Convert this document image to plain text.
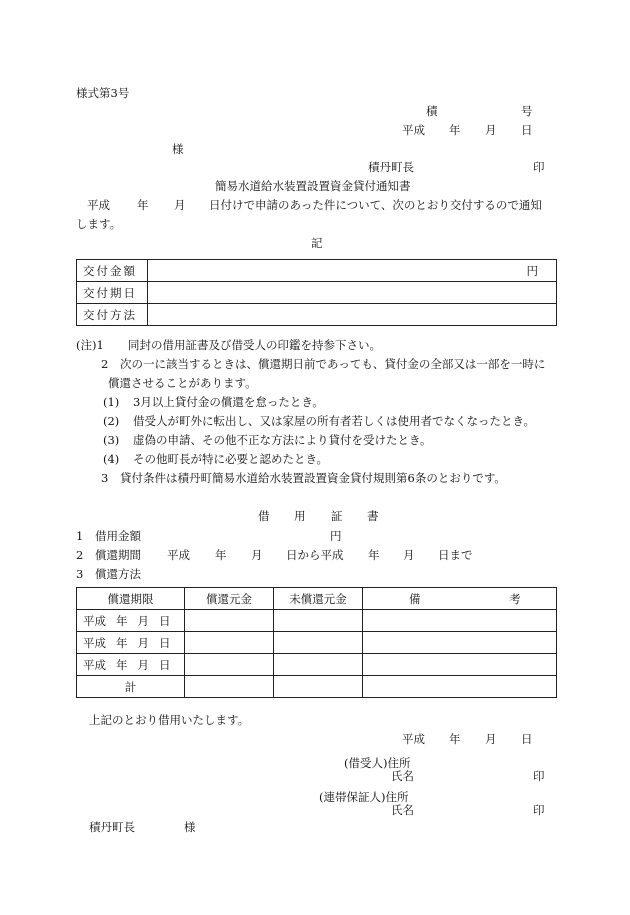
様式第3号
積	号
平成 年 月 日
様
積丹町長	印
簡易水道給水装置設置資金貸付通知書
平成 年 月 日付けで申請のあった件について、次のとおり交付するので通知
します。
記
交付金額	円
交付期日	
交付方法	
(注)1 同封の借用証書及び借受人の印鑑を持参下さい。
2 次の一に該当するときは、償還期日前であっても、貸付金の全部又は一部を一時に
償還させることがあります。
(1) 3月以上貸付金の償還を怠ったとき。
(2) 借受人が町外に転出し、又は家屋の所有者若しくは使用者でなくなったとき。
(3) 虚偽の申請、その他不正な方法により貸付を受けたとき。
(4) その他町長が特に必要と認めたとき。
3 貸付条件は積丹町簡易水道給水装置設置資金貸付規則第6条のとおりです。
借 用 証 書
1 借用金額	円
2 償還期間 平成 年 月 日から平成 年 月 日まで
3 償還方法
償還期限	償還元金	未償還元金	備 考
平成 年 月 日			
平成 年 月 日			
平成 年 月 日			
計			
上記のとおり借用いたします。
平成 年 月 日
(借受人)住所
氏名	印
(連帯保証人)住所
氏名	印
積丹町長	様
